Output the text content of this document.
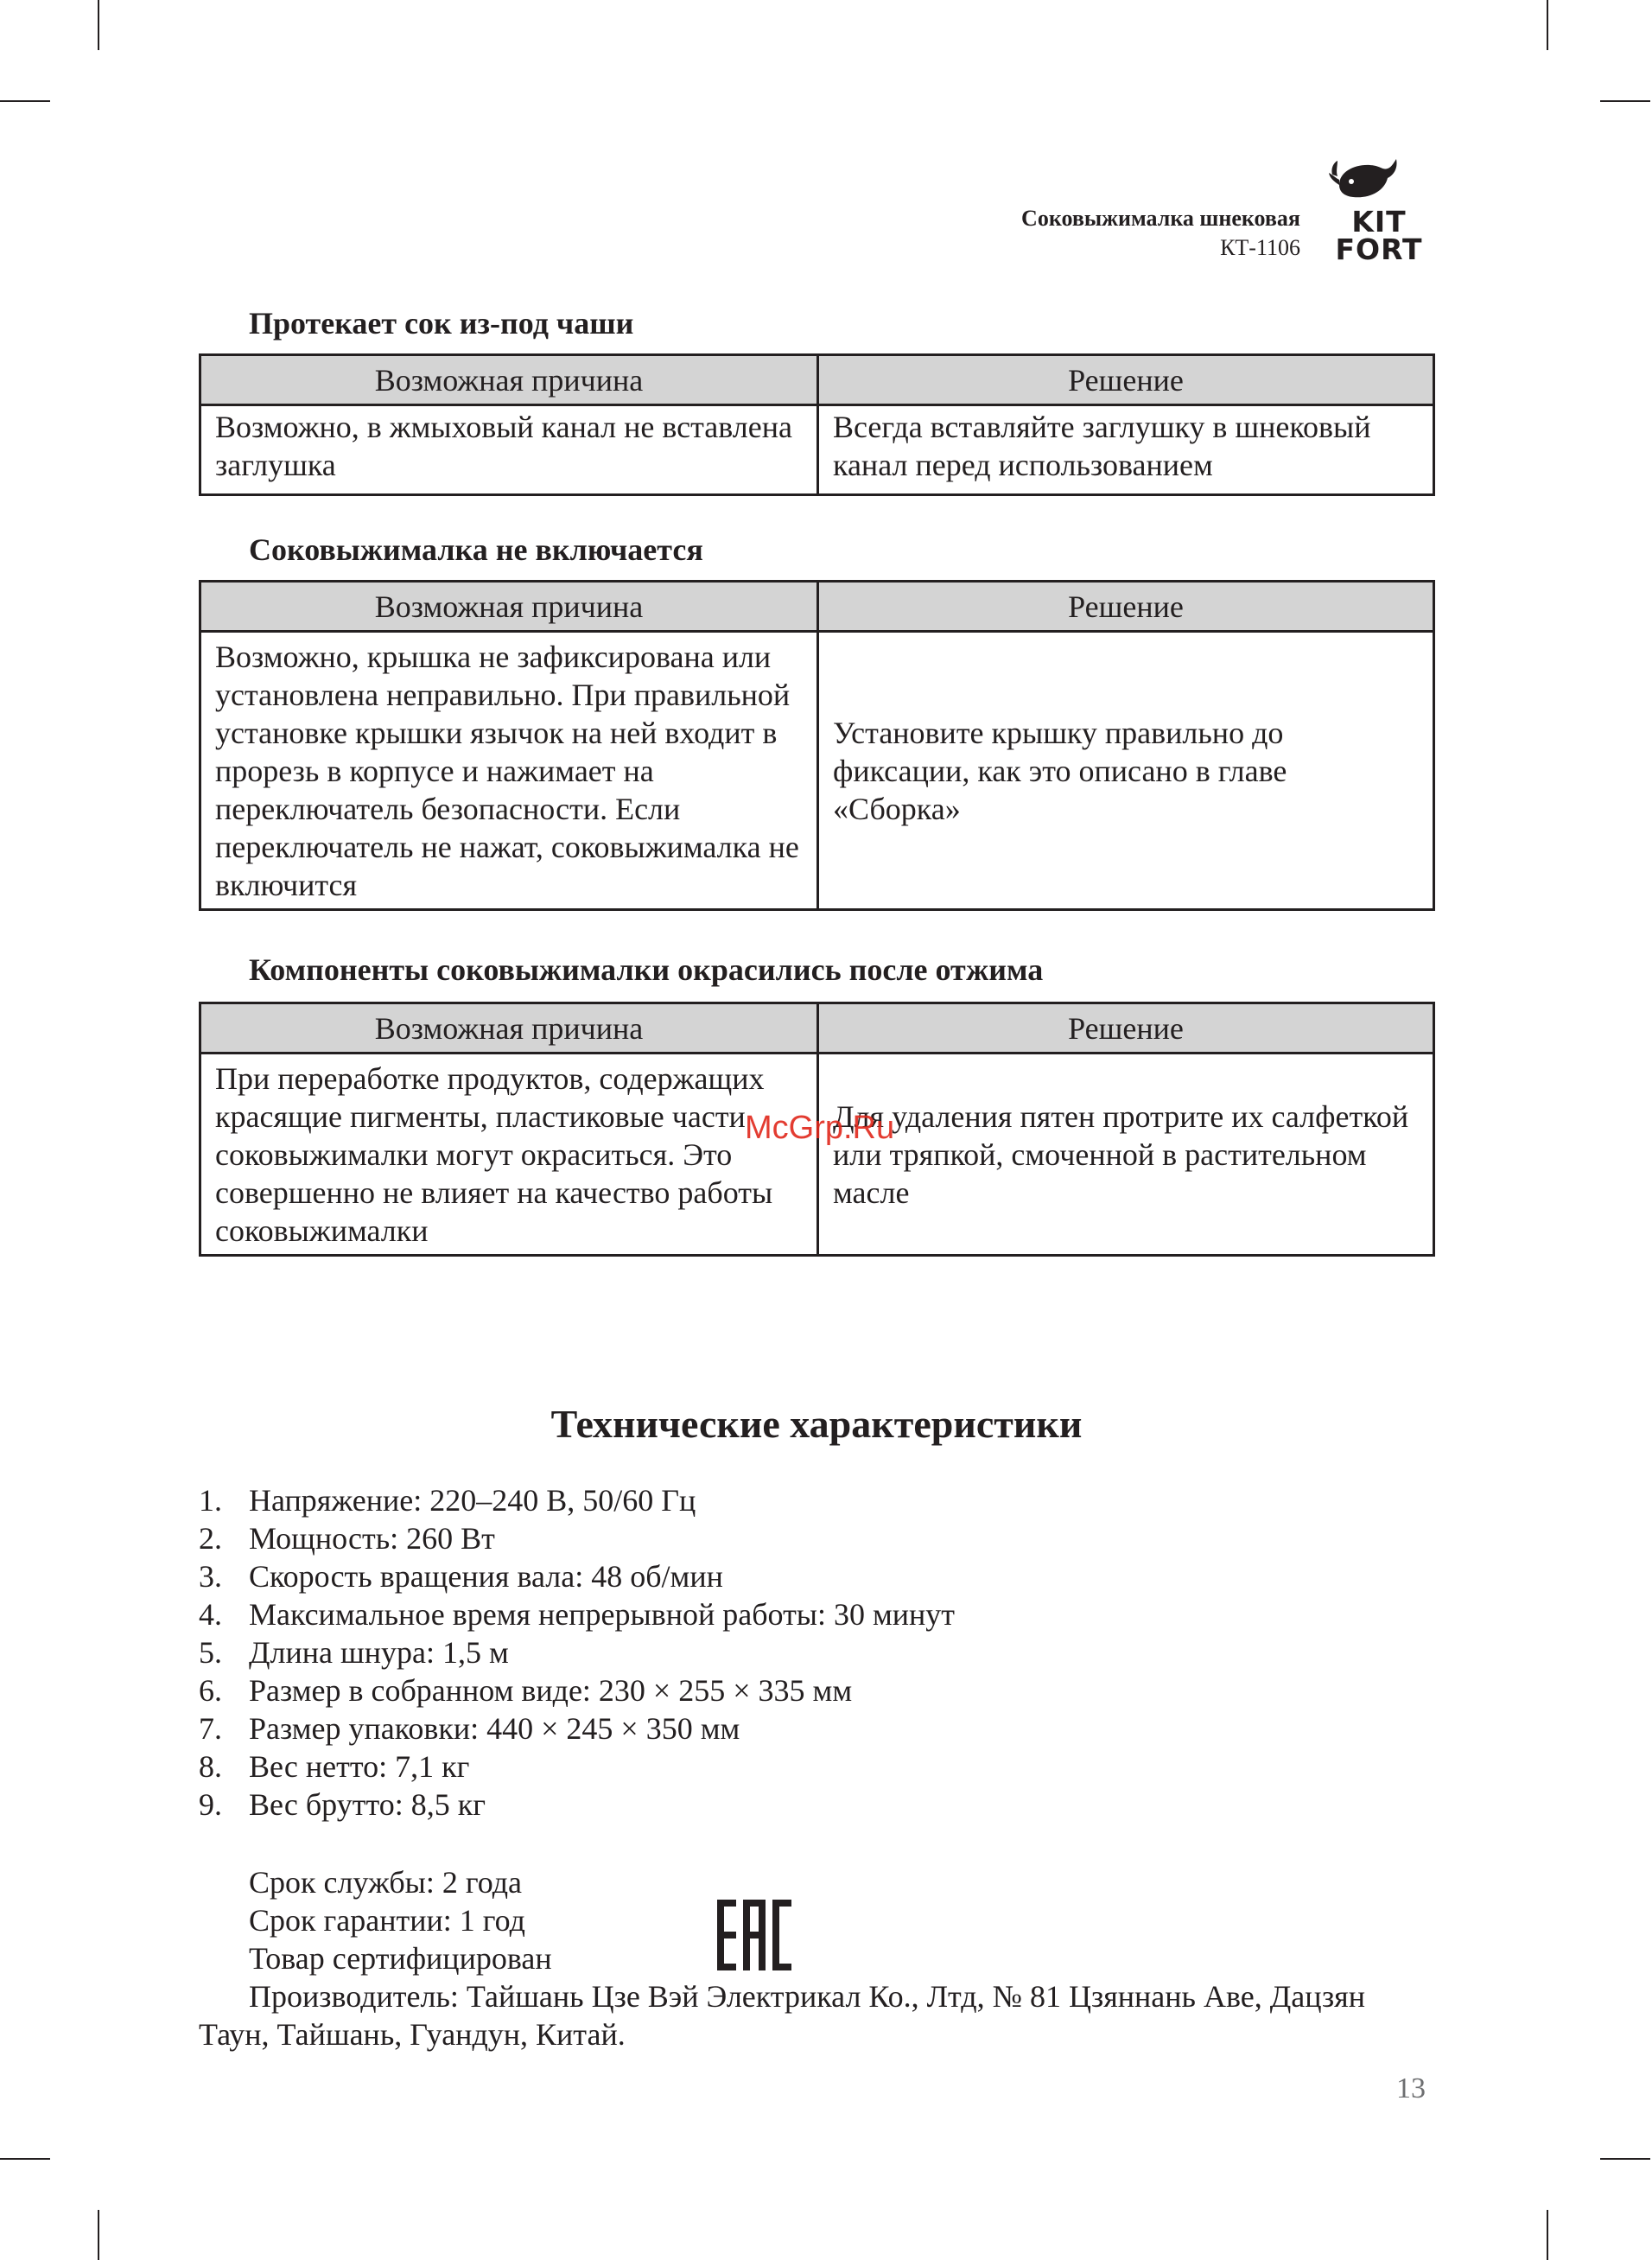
Соковыжималка шнековая
КТ-1106
KIT
FORT
Протекает сок из-под чаши
Возможная причина	Решение
Возможно, в жмыховый канал не вставлена заглушка	Всегда вставляйте заглушку в шнековый канал перед использованием
Соковыжималка не включается
Возможная причина	Решение
Возможно, крышка не зафиксирована или установлена неправильно. При правильной установке крышки язычок на ней входит в прорезь в корпусе и нажимает на переключатель безопасности. Если переключатель не нажат, соковыжималка не включится	Установите крышку правильно до фиксации, как это описано в главе «Сборка»
Компоненты соковыжималки окрасились после отжима
Возможная причина	Решение
При переработке продуктов, содержащих красящие пигменты, пластиковые части соковыжималки могут окраситься. Это совершенно не влияет на качество работы соковыжималки	Для удаления пятен протрите их салфеткой или тряпкой, смоченной в растительном масле
McGrp.Ru
Технические характеристики
1. Напряжение: 220–240 В, 50/60 Гц
2. Мощность: 260 Вт
3. Скорость вращения вала: 48 об/мин
4. Максимальное время непрерывной работы: 30 минут
5. Длина шнура: 1,5 м
6. Размер в собранном виде: 230 × 255 × 335 мм
7. Размер упаковки: 440 × 245 × 350 мм
8. Вес нетто: 7,1 кг
9. Вес брутто: 8,5 кг
Срок службы: 2 года
Срок гарантии: 1 год
Товар сертифицирован
Производитель: Тайшань Цзе Вэй Электрикал Ко., Лтд, № 81 Цзяннань Аве, Дацзян Таун, Тайшань, Гуандун, Китай.
13
